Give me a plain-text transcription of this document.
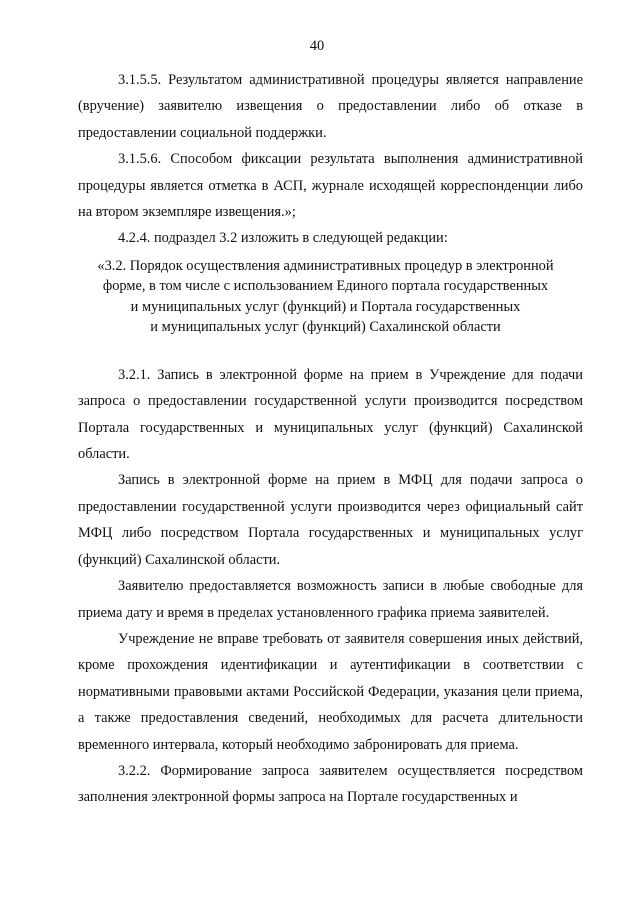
40

3.1.5.5. Результатом административной процедуры является направление (вручение) заявителю извещения о предоставлении либо об отказе в предоставлении социальной поддержки.

3.1.5.6. Способом фиксации результата выполнения административной процедуры является отметка в АСП, журнале исходящей корреспонденции либо на втором экземпляре извещения.»;

4.2.4. подраздел 3.2 изложить в следующей редакции:

«3.2. Порядок осуществления административных процедур в электронной
форме, в том числе с использованием Единого портала государственных
и муниципальных услуг (функций) и Портала государственных
и муниципальных услуг (функций) Сахалинской области

3.2.1. Запись в электронной форме на прием в Учреждение для подачи запроса о предоставлении государственной услуги производится посредством Портала государственных и муниципальных услуг (функций) Сахалинской области.

Запись в электронной форме на прием в МФЦ для подачи запроса о предоставлении государственной услуги производится через официальный сайт МФЦ либо посредством Портала государственных и муниципальных услуг (функций) Сахалинской области.

Заявителю предоставляется возможность записи в любые свободные для приема дату и время в пределах установленного графика приема заявителей.

Учреждение не вправе требовать от заявителя совершения иных действий, кроме прохождения идентификации и аутентификации в соответствии с нормативными правовыми актами Российской Федерации, указания цели приема, а также предоставления сведений, необходимых для расчета длительности временного интервала, который необходимо забронировать для приема.

3.2.2. Формирование запроса заявителем осуществляется посредством заполнения электронной формы запроса на Портале государственных и
